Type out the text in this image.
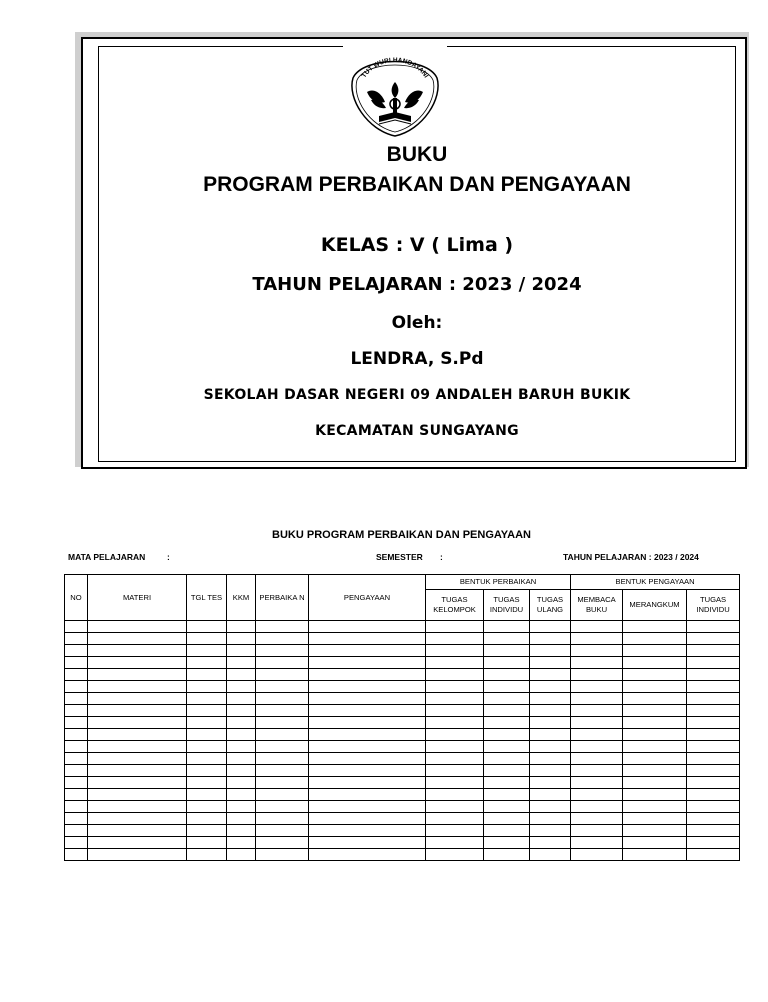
TUT WURI HANDAYANI
BUKU
PROGRAM PERBAIKAN DAN PENGAYAAN
KELAS : V ( Lima )
TAHUN PELAJARAN : 2023 / 2024
Oleh:
LENDRA, S.Pd
SEKOLAH DASAR NEGERI 09 ANDALEH BARUH BUKIK
KECAMATAN SUNGAYANG
BUKU PROGRAM PERBAIKAN DAN PENGAYAAN
MATA PELAJARAN	:	SEMESTER :	TAHUN PELAJARAN : 2023 / 2024
NO	MATERI	TGL TES	KKM	PERBAIKA N	PENGAYAAN	BENTUK PERBAIKAN			BENTUK PENGAYAAN		
						TUGAS KELOMPOK	TUGAS INDIVIDU	TUGAS ULANG	MEMBACA BUKU	MERANGKUM	TUGAS INDIVIDU
